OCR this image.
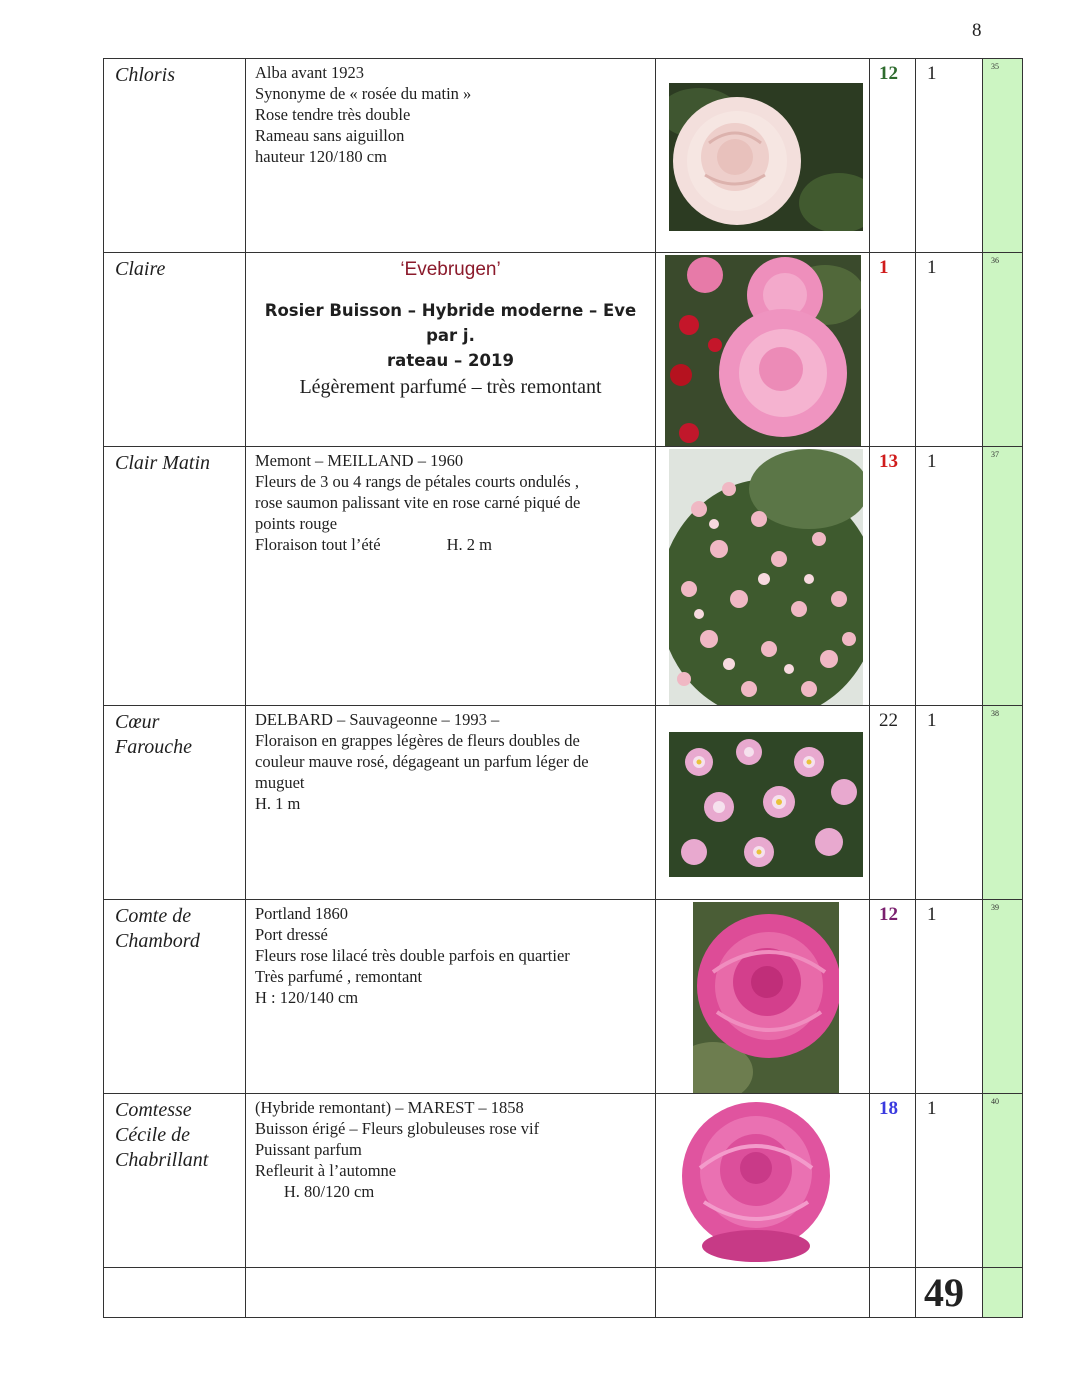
8
Chloris	Alba avant 1923
Synonyme de « rosée du matin »
Rose tendre très double
Rameau sans aiguillon
hauteur 120/180 cm		12	1	35
Claire	‘Evebrugen’
Rosier Buisson – Hybride moderne – Eve par j.
rateau – 2019
Légèrement parfumé – très remontant		1	1	36
Clair Matin	Memont – MEILLAND – 1960
Fleurs de 3 ou 4 rangs de pétales courts ondulés ,
rose saumon palissant vite en rose carné piqué de
points rouge
Floraison tout l’été                H. 2 m		13	1	37
Cœur
Farouche	DELBARD – Sauvageonne – 1993 –
Floraison en grappes légères de fleurs doubles de
couleur mauve rosé, dégageant un parfum léger de
muguet
H. 1 m		22	1	38
Comte de
Chambord	Portland 1860
Port dressé
Fleurs rose lilacé très double parfois en quartier
Très parfumé , remontant
H : 120/140 cm		12	1	39
Comtesse
Cécile de
Chabrillant	(Hybride remontant) – MAREST – 1858
Buisson érigé – Fleurs globuleuses rose vif
Puissant parfum
Refleurit à l’automne
H. 80/120 cm		18	1	40
				49	
